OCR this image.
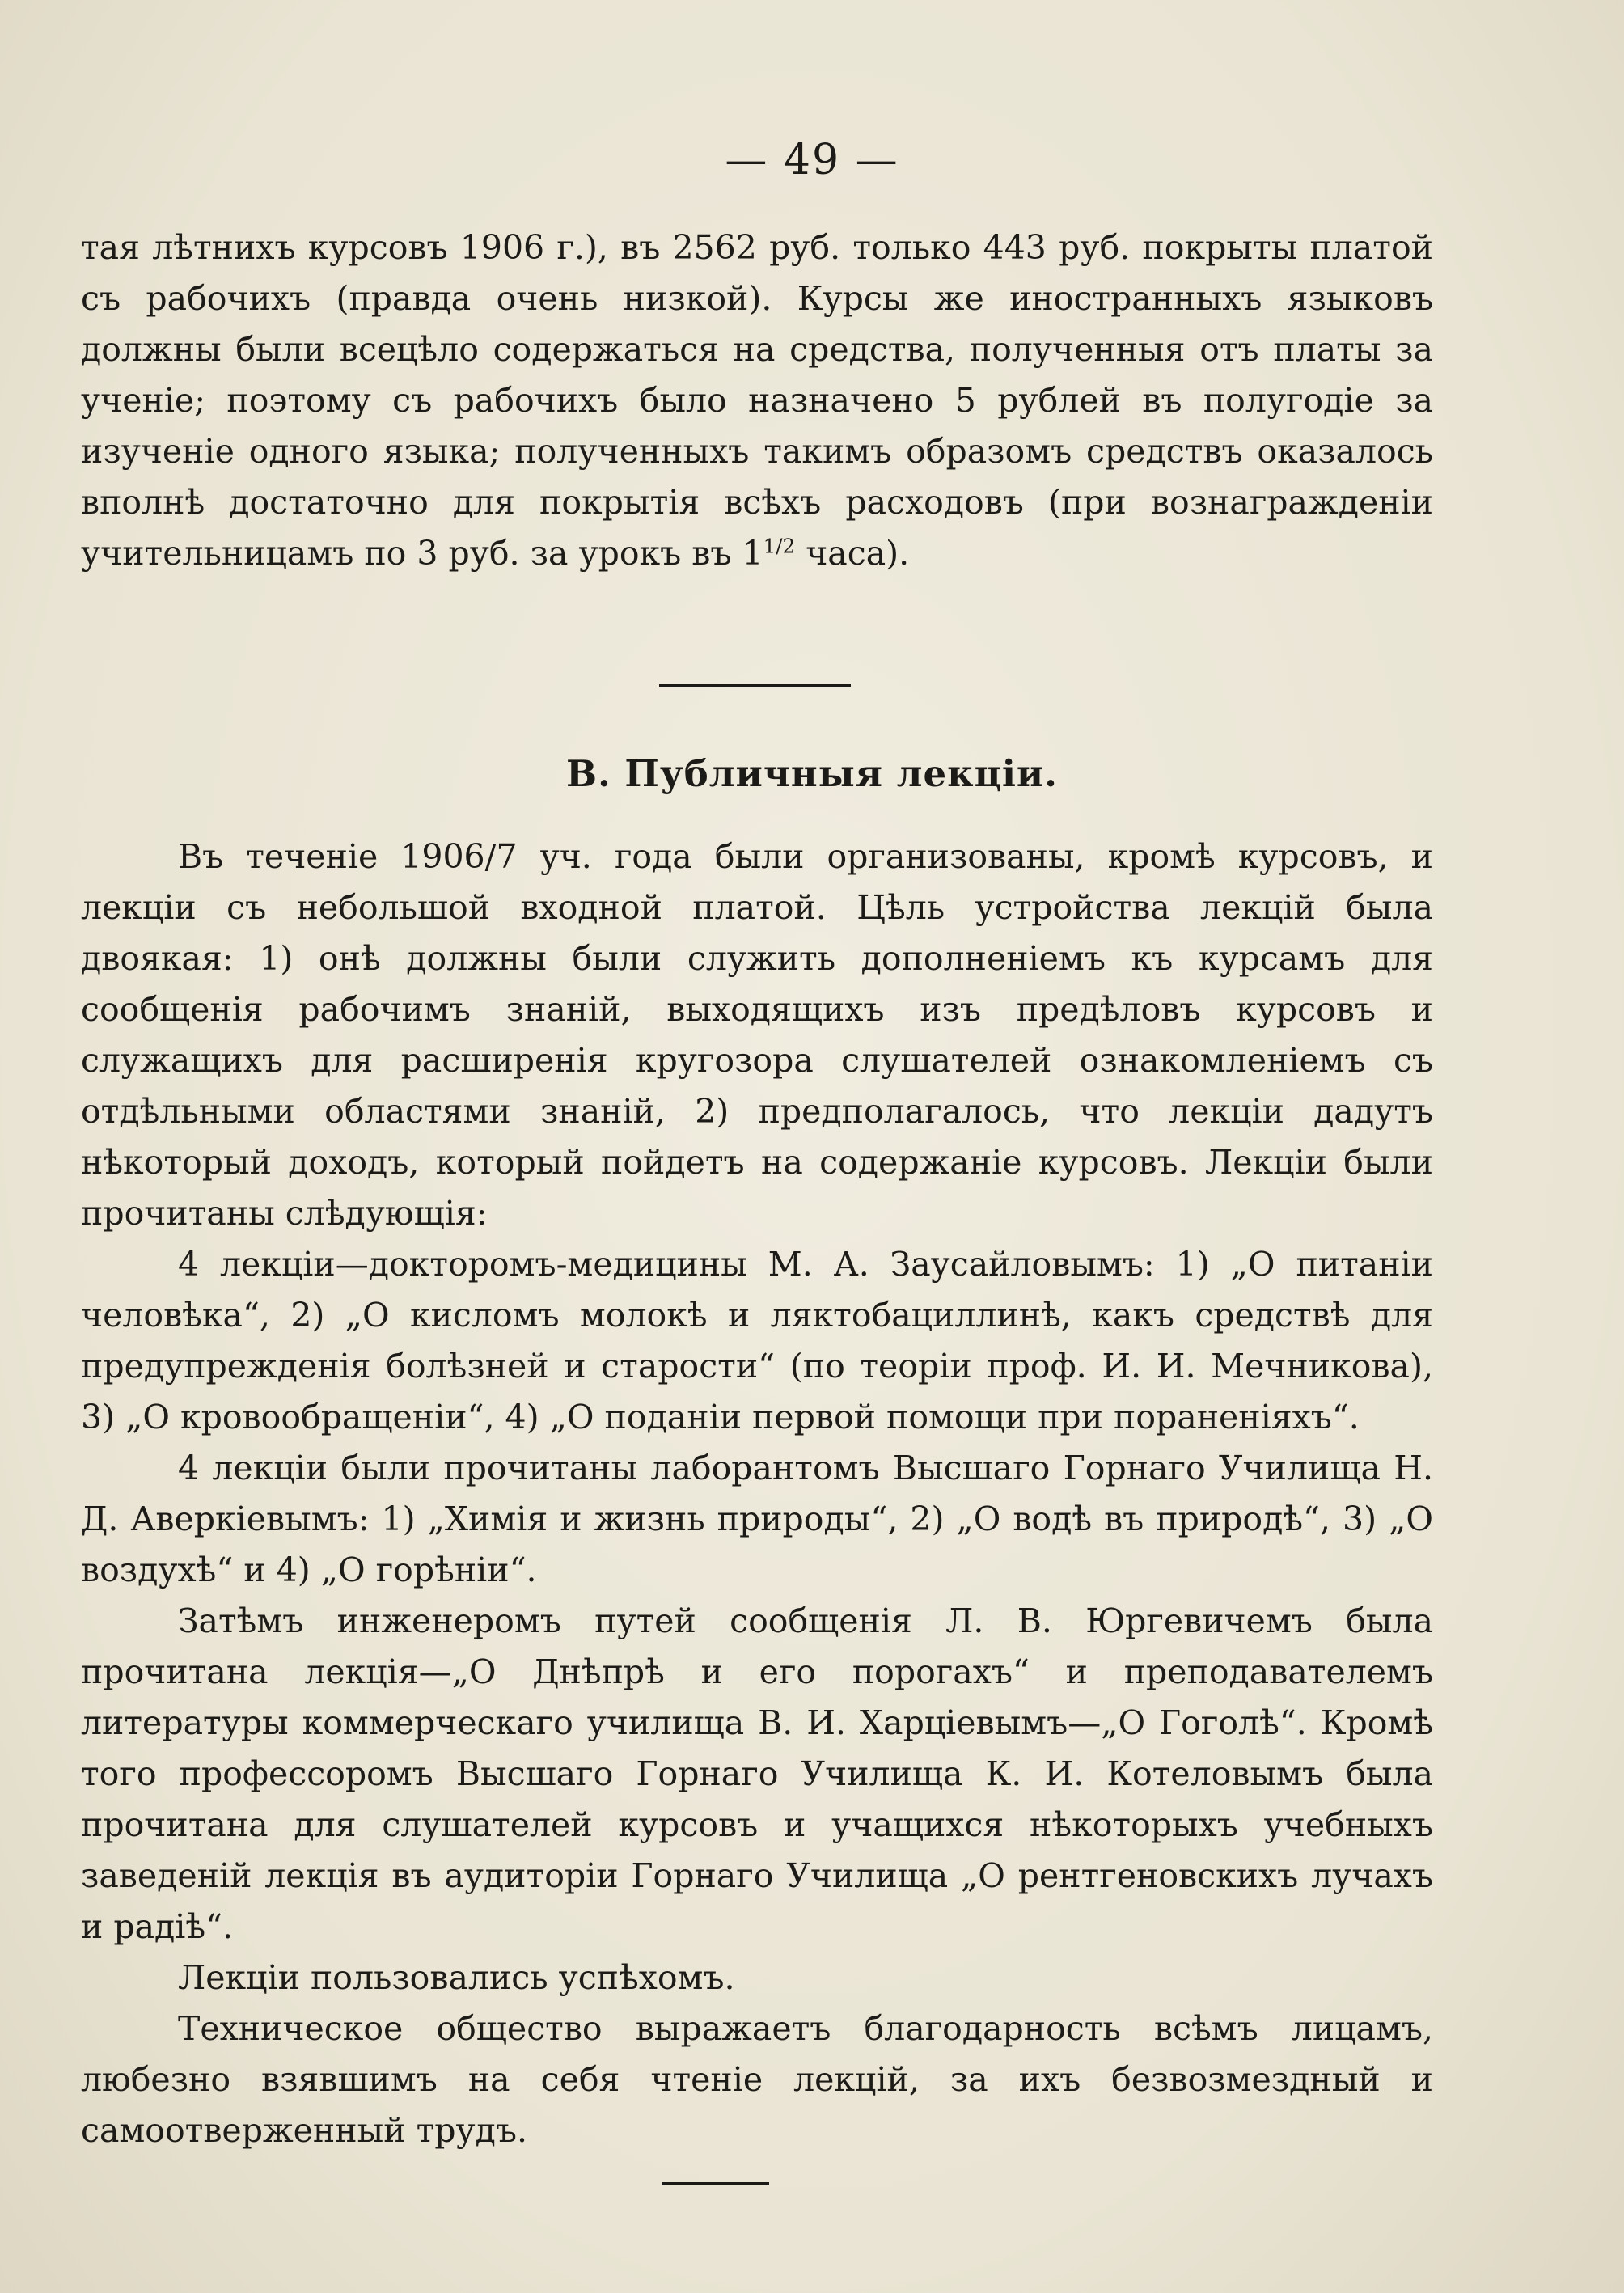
— 49 —

тая лѣтнихъ курсовъ 1906 г.), въ 2562 руб. только 443 руб. покрыты платой съ рабочихъ (правда очень низкой). Курсы же иностранныхъ языковъ должны были всецѣло содержаться на средства, полученныя отъ платы за ученіе; поэтому съ рабочихъ было назначено 5 рублей въ полугодіе за изученіе одного языка; полученныхъ такимъ образомъ средствъ оказалось вполнѣ достаточно для покрытія всѣхъ расходовъ (при вознагражденіи учительницамъ по 3 руб. за урокъ въ $1^{1/2}$ часа).

В. Публичныя лекціи.

Въ теченіе 1906/7 уч. года были организованы, кромѣ курсовъ, и лекціи съ небольшой входной платой. Цѣль устройства лекцій была двоякая: 1) онѣ должны были служить дополненіемъ къ курсамъ для сообщенія рабочимъ знаній, выходящихъ изъ предѣловъ курсовъ и служащихъ для расширенія кругозора слушателей ознакомленіемъ съ отдѣльными областями знаній, 2) предполагалось, что лекціи дадутъ нѣкоторый доходъ, который пойдетъ на содержаніе курсовъ. Лекціи были прочитаны слѣдующія:

4 лекціи—докторомъ-медицины М. А. Заусайловымъ: 1) „О питаніи человѣка“, 2) „О кисломъ молокѣ и ляктобациллинѣ, какъ средствѣ для предупрежденія болѣзней и старости“ (по теоріи проф. И. И. Мечникова), 3) „О кровообращеніи“, 4) „О поданіи первой помощи при пораненіяхъ“.

4 лекціи были прочитаны лаборантомъ Высшаго Горнаго Училища Н. Д. Аверкіевымъ: 1) „Химія и жизнь природы“, 2) „О водѣ въ природѣ“, 3) „О воздухѣ“ и 4) „О горѣніи“.

Затѣмъ инженеромъ путей сообщенія Л. В. Юргевичемъ была прочитана лекція—„О Днѣпрѣ и его порогахъ“ и преподавателемъ литературы коммерческаго училища В. И. Харціевымъ—„О Гоголѣ“. Кромѣ того профессоромъ Высшаго Горнаго Училища К. И. Котеловымъ была прочитана для слушателей курсовъ и учащихся нѣкоторыхъ учебныхъ заведеній лекція въ аудиторіи Горнаго Училища „О рентгеновскихъ лучахъ и радіѣ“.

Лекціи пользовались успѣхомъ.

Техническое общество выражаетъ благодарность всѣмъ лицамъ, любезно взявшимъ на себя чтеніе лекцій, за ихъ безвозмездный и самоотверженный трудъ.
